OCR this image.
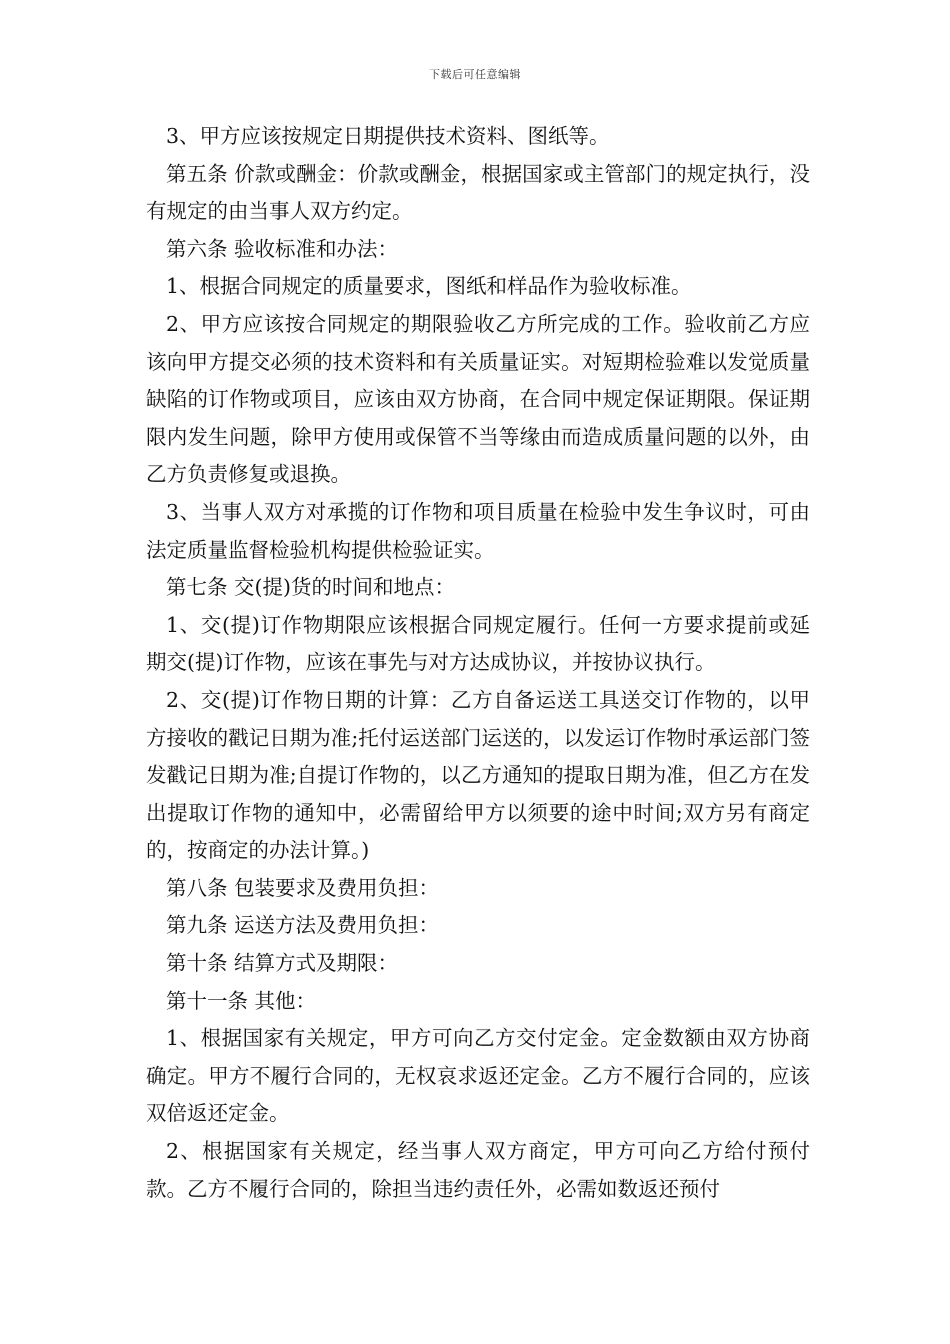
下载后可任意编辑

3、甲方应该按规定日期提供技术资料、图纸等。

第五条 价款或酬金：价款或酬金，根据国家或主管部门的规定执行，没有规定的由当事人双方约定。

第六条 验收标准和办法：

1、根据合同规定的质量要求，图纸和样品作为验收标准。

2、甲方应该按合同规定的期限验收乙方所完成的工作。验收前乙方应该向甲方提交必须的技术资料和有关质量证实。对短期检验难以发觉质量缺陷的订作物或项目，应该由双方协商，在合同中规定保证期限。保证期限内发生问题，除甲方使用或保管不当等缘由而造成质量问题的以外，由乙方负责修复或退换。

3、当事人双方对承揽的订作物和项目质量在检验中发生争议时，可由法定质量监督检验机构提供检验证实。

第七条 交(提)货的时间和地点：

1、交(提)订作物期限应该根据合同规定履行。任何一方要求提前或延期交(提)订作物，应该在事先与对方达成协议，并按协议执行。

2、交(提)订作物日期的计算：乙方自备运送工具送交订作物的，以甲方接收的戳记日期为准;托付运送部门运送的，以发运订作物时承运部门签发戳记日期为准;自提订作物的，以乙方通知的提取日期为准，但乙方在发出提取订作物的通知中，必需留给甲方以须要的途中时间;双方另有商定的，按商定的办法计算。)

第八条 包装要求及费用负担：

第九条 运送方法及费用负担：

第十条 结算方式及期限：

第十一条 其他：

1、根据国家有关规定，甲方可向乙方交付定金。定金数额由双方协商确定。甲方不履行合同的，无权哀求返还定金。乙方不履行合同的，应该双倍返还定金。

2、根据国家有关规定，经当事人双方商定，甲方可向乙方给付预付款。乙方不履行合同的，除担当违约责任外，必需如数返还预付
